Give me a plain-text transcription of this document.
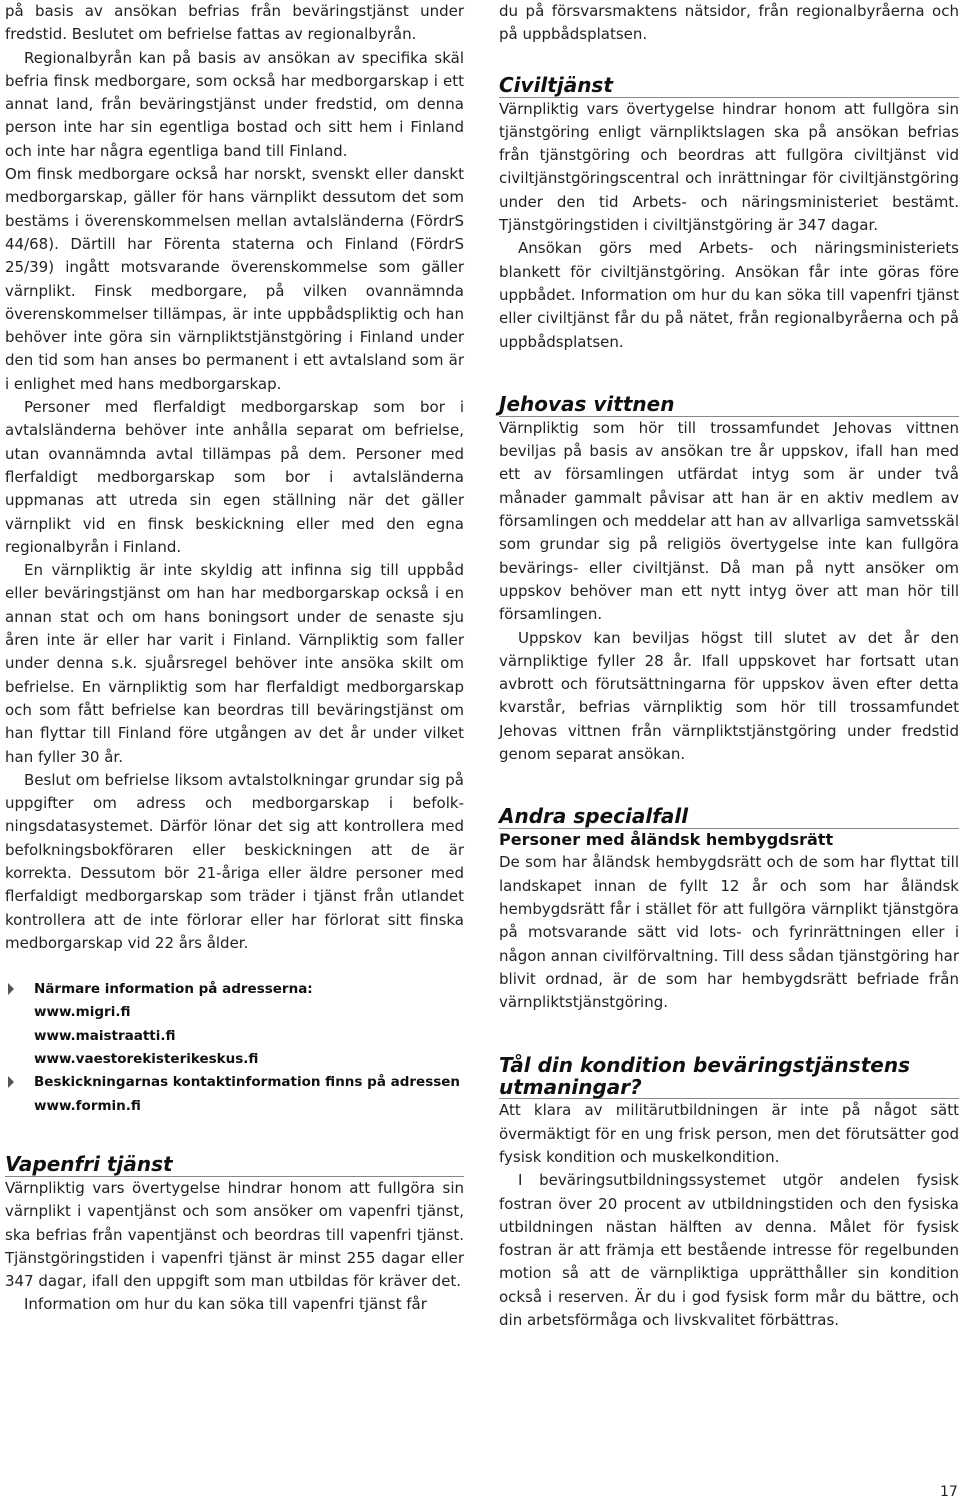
på basis av ansökan befrias från beväringstjänst under fredstid. Beslutet om befrielse fattas av regionalbyrån.

Regionalbyrån kan på basis av ansökan av specifika skäl befria finsk medborgare, som också har medborgarskap i ett annat land, från beväringstjänst under fredstid, om denna person inte har sin egentliga bostad och sitt hem i Finland och inte har några egentliga band till Finland.

Om finsk medborgare också har norskt, svenskt eller danskt medborgarskap, gäller för hans värnplikt dessutom det som bestäms i överenskommelsen mellan avtalsländerna (FördrS 44/68). Därtill har Förenta staterna och Finland (FördrS 25/39) ingått motsvarande överenskommelse som gäller värnplikt. Finsk medborgare, på vilken ovannämnda överenskommelser tillämpas, är inte uppbådspliktig och han behöver inte göra sin värnpliktstjänstgöring i Finland under den tid som han anses bo permanent i ett avtalsland som är i enlighet med hans medborgarskap.

Personer med flerfaldigt medborgarskap som bor i avtalsländerna behöver inte anhålla separat om befrielse, utan ovannämnda avtal tillämpas på dem. Personer med flerfaldigt medborgarskap som bor i avtalsländerna uppmanas att utreda sin egen ställning när det gäller värnplikt vid en finsk beskickning eller med den egna regionalbyrån i Finland.

En värnpliktig är inte skyldig att infinna sig till uppbåd eller beväringstjänst om han har medborgarskap också i en annan stat och om hans boningsort under de senaste sju åren inte är eller har varit i Finland. Värnpliktig som faller under denna s.k. sjuårsregel behöver inte ansöka skilt om befrielse. En värnpliktig som har flerfaldigt medborgarskap och som fått befrielse kan beordras till beväringstjänst om han flyttar till Finland före utgången av det år under vilket han fyller 30 år.

Beslut om befrielse liksom avtalstolkningar grundar sig på uppgifter om adress och medborgarskap i befolkningsdatasystemet. Därför lönar det sig att kontrollera med befolkningsbokföraren eller beskickningen att de är korrekta. Dessutom bör 21-åriga eller äldre personer med flerfaldigt medborgarskap som träder i tjänst från utlandet kontrollera att de inte förlorar eller har förlorat sitt finska medborgarskap vid 22 års ålder.

Närmare information på adresserna:
www.migri.fi
www.maistraatti.fi
www.vaestorekisterikeskus.fi
Beskickningarnas kontaktinformation finns på adressen
www.formin.fi
Vapenfri tjänst

Värnpliktig vars övertygelse hindrar honom att fullgöra sin värnplikt i vapentjänst och som ansöker om vapenfri tjänst, ska befrias från vapentjänst och beordras till vapenfri tjänst. Tjänstgöringstiden i vapenfri tjänst är minst 255 dagar eller 347 dagar, ifall den uppgift som man utbildas för kräver det.

Information om hur du kan söka till vapenfri tjänst får

du på försvarsmaktens nätsidor, från regionalbyråerna och på uppbådsplatsen.

Civiltjänst

Värnpliktig vars övertygelse hindrar honom att fullgöra sin tjänstgöring enligt värnpliktslagen ska på ansökan befrias från tjänstgöring och beordras att fullgöra civiltjänst vid civiltjänstgöringscentral och inrättningar för civiltjänstgöring under den tid Arbets- och näringsministeriet bestämt. Tjänstgöringstiden i civiltjänstgöring är 347 dagar.

Ansökan görs med Arbets- och näringsministeriets blankett för civiltjänstgöring. Ansökan får inte göras före uppbådet. Information om hur du kan söka till vapenfri tjänst eller civiltjänst får du på nätet, från regionalbyråerna och på uppbådsplatsen.

Jehovas vittnen

Värnpliktig som hör till trossamfundet Jehovas vittnen beviljas på basis av ansökan tre år uppskov, ifall han med ett av församlingen utfärdat intyg som är under två månader gammalt påvisar att han är en aktiv medlem av församlingen och meddelar att han av allvarliga samvetsskäl som grundar sig på religiös övertygelse inte kan fullgöra bevärings- eller civiltjänst. Då man på nytt ansöker om uppskov behöver man ett nytt intyg över att man hör till församlingen.

Uppskov kan beviljas högst till slutet av det år den värnpliktige fyller 28 år. Ifall uppskovet har fortsatt utan avbrott och förutsättningarna för uppskov även efter detta kvarstår, befrias värnpliktig som hör till trossamfundet Jehovas vittnen från värnpliktstjänstgöring under fredstid genom separat ansökan.

Andra specialfall
Personer med åländsk hembygdsrätt

De som har åländsk hembygdsrätt och de som har flyttat till landskapet innan de fyllt 12 år och som har åländsk hembygdsrätt får i stället för att fullgöra värnplikt tjänstgöra på motsvarande sätt vid lots- och fyrinrättningen eller i någon annan civilförvaltning. Till dess sådan tjänstgöring har blivit ordnad, är de som har hembygdsrätt befriade från värnpliktstjänstgöring.

Tål din kondition beväringstjänstens utmaningar?

Att klara av militärutbildningen är inte på något sätt övermäktigt för en ung frisk person, men det förutsätter god fysisk kondition och muskelkondition.

I beväringsutbildningssystemet utgör andelen fysisk fostran över 20 procent av utbildningstiden och den fysiska utbildningen nästan hälften av denna. Målet för fysisk fostran är att främja ett bestående intresse för regelbunden motion så att de värnpliktiga upprätthåller sin kondition också i reserven. Är du i god fysisk form mår du bättre, och din arbetsförmåga och livskvalitet förbättras.

17
